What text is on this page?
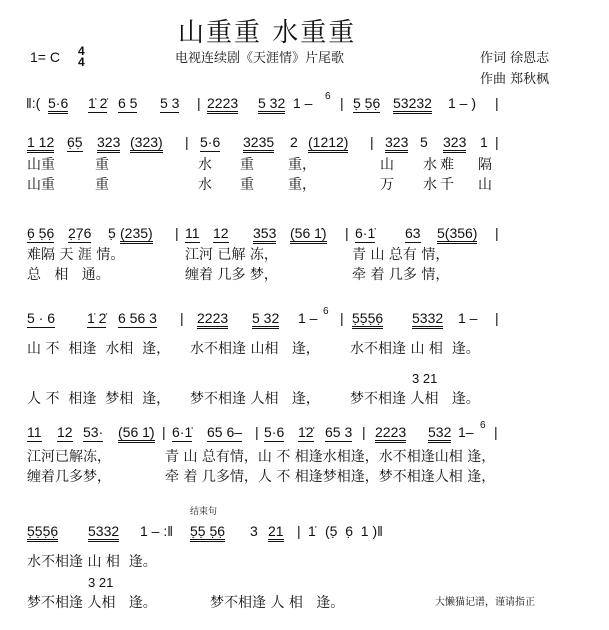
山重重 水重重
1= C 4
4	电视连续剧《天涯情》片尾歌	作词 徐恩志
作曲 郑秋枫
‖:( 5·6 1̇ 2̇ 6 5 5 3 | 2223 5 32 1 – 6 | 5̣ 5̣6̣ 53232 1 – ) |
1 12 6̣5̣ 323 (323) | 5·6 3235 2 (1212) | 323 5 323 1 |
山重	重	水 重 重，	山 水 难 隔
山重	重	水 重 重，	万 水 千 山
6̣ 5̣6̣ 2̣7̣6 5̣ (235) | 11 12 353 (56 1̇) | 6·1̇ 63 5(356) |
难隔 天 涯 情。	江河 已解 冻，	青 山 总有 情，
总   相   通。	缠着 几多 梦，	牵 着 几多 情，
5 · 6 1̇ 2̇ 6 56 3 | 2223 5 32 1 – 6 | 5̣5̣5̣6̣ 5332 1 – |
山 不  相逢  水相  逢， 水不相逢 山相   逢， 水不相逢 山 相  逢。
3 21
人 不  相逢  梦相  逢， 梦不相逢 人相   逢， 梦不相逢 人相   逢。
11 12 53· (56 1̇) | 6·1̇ 65 6– | 5·6 1̇2̇ 65 3 | 2223 532 1– 6 |
江河已解冻，	青 山 总有情，山 不 相逢水相逢，水不相逢山相 逢，
缠着几多梦，	牵 着 几多情，人 不 相逢梦相逢，梦不相逢人相 逢，
结束句
5̣5̣5̣6̣ 5332 1 – :‖ 5̣5̣ 5̣6̣ 3 21 | 1̇ (5̣  6̣  1 )‖
水不相逢 山 相  逢。
3 21
梦不相逢 人相   逢。	梦不相逢 人 相   逢。	大懒猫记谱，谨请指正
